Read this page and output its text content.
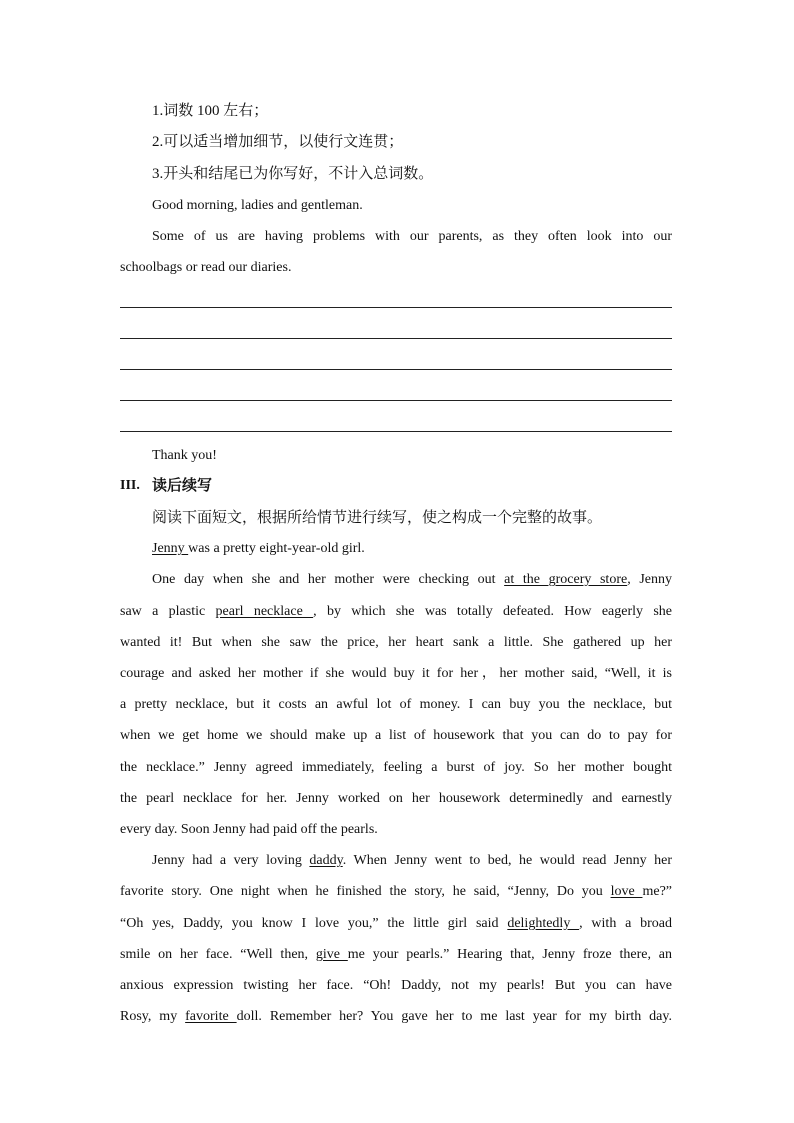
1.词数 100 左右；
2.可以适当增加细节，以使行文连贯；
3.开头和结尾已为你写好，不计入总词数。
Good morning, ladies and gentleman.
Some of us are having problems with our parents, as they often look into our
schoolbags or read our diaries.
Thank you!
III. 读后续写
阅读下面短文，根据所给情节进行续写，使之构成一个完整的故事。
Jenny was a pretty eight-year-old girl.
One day when she and her mother were checking out at the grocery store, Jenny
saw a plastic pearl necklace , by which she was totally defeated. How eagerly she
wanted it! But when she saw the price, her heart sank a little. She gathered up her
courage and asked her mother if she would buy it for her，her mother said, “Well, it is
a pretty necklace, but it costs an awful lot of money. I can buy you the necklace, but
when we get home we should make up a list of housework that you can do to pay for
the necklace.” Jenny agreed immediately, feeling a burst of joy. So her mother bought
the pearl necklace for her. Jenny worked on her housework determinedly and earnestly
every day. Soon Jenny had paid off the pearls.
Jenny had a very loving daddy. When Jenny went to bed, he would read Jenny her
favorite story. One night when he finished the story, he said, “Jenny, Do you love me?”
“Oh yes, Daddy, you know I love you,” the little girl said delightedly , with a broad
smile on her face. “Well then, give me your pearls.” Hearing that, Jenny froze there, an
anxious expression twisting her face. “Oh! Daddy, not my pearls! But you can have
Rosy, my favorite doll. Remember her? You gave her to me last year for my birth day.
